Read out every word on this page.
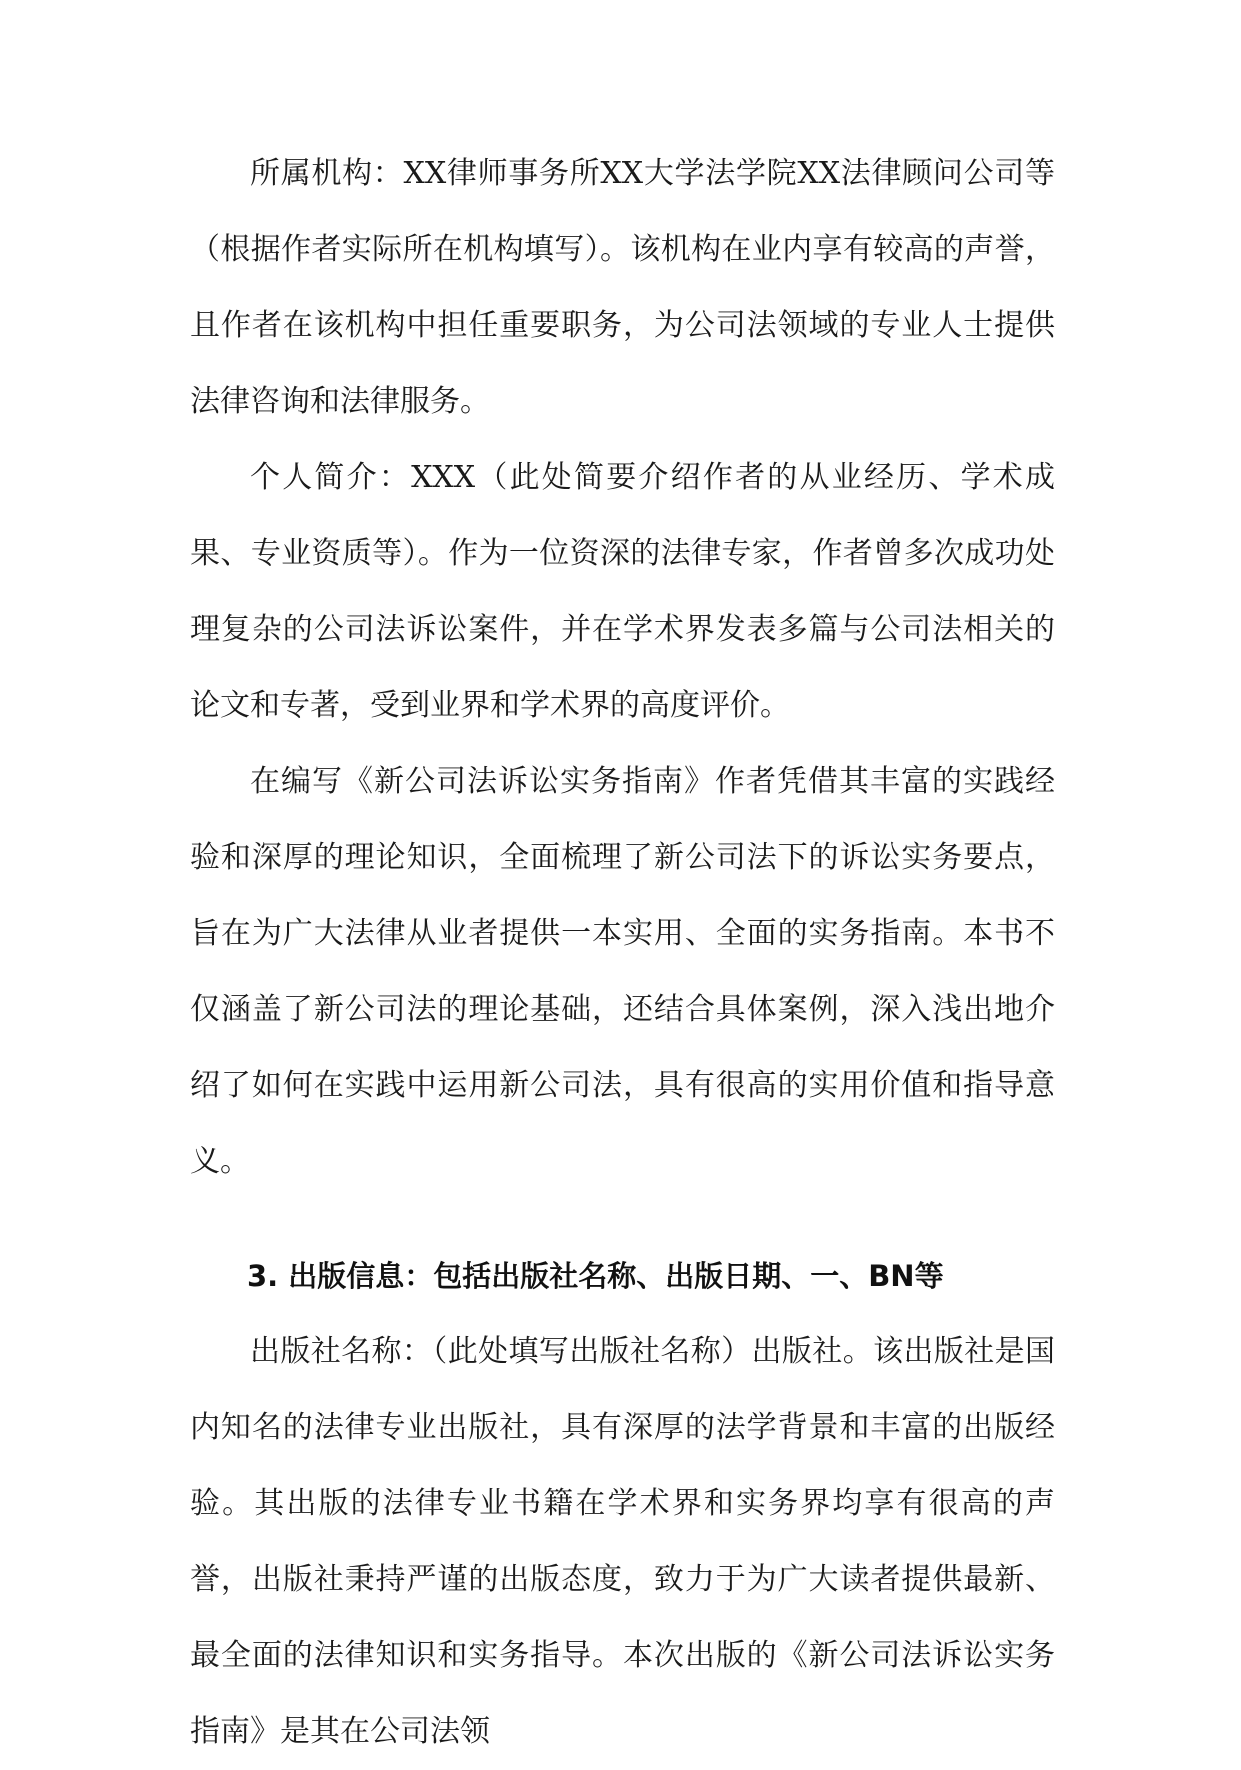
所属机构：XX律师事务所XX大学法学院XX法律顾问公司等（根据作者实际所在机构填写）。该机构在业内享有较高的声誉，且作者在该机构中担任重要职务，为公司法领域的专业人士提供法律咨询和法律服务。

个人简介：XXX（此处简要介绍作者的从业经历、学术成果、专业资质等）。作为一位资深的法律专家，作者曾多次成功处理复杂的公司法诉讼案件，并在学术界发表多篇与公司法相关的论文和专著，受到业界和学术界的高度评价。

在编写《新公司法诉讼实务指南》作者凭借其丰富的实践经验和深厚的理论知识，全面梳理了新公司法下的诉讼实务要点，旨在为广大法律从业者提供一本实用、全面的实务指南。本书不仅涵盖了新公司法的理论基础，还结合具体案例，深入浅出地介绍了如何在实践中运用新公司法，具有很高的实用价值和指导意义。

3. 出版信息：包括出版社名称、出版日期、一、BN等

出版社名称：（此处填写出版社名称）出版社。该出版社是国内知名的法律专业出版社，具有深厚的法学背景和丰富的出版经验。其出版的法律专业书籍在学术界和实务界均享有很高的声誉，出版社秉持严谨的出版态度，致力于为广大读者提供最新、最全面的法律知识和实务指导。本次出版的《新公司法诉讼实务指南》是其在公司法领
